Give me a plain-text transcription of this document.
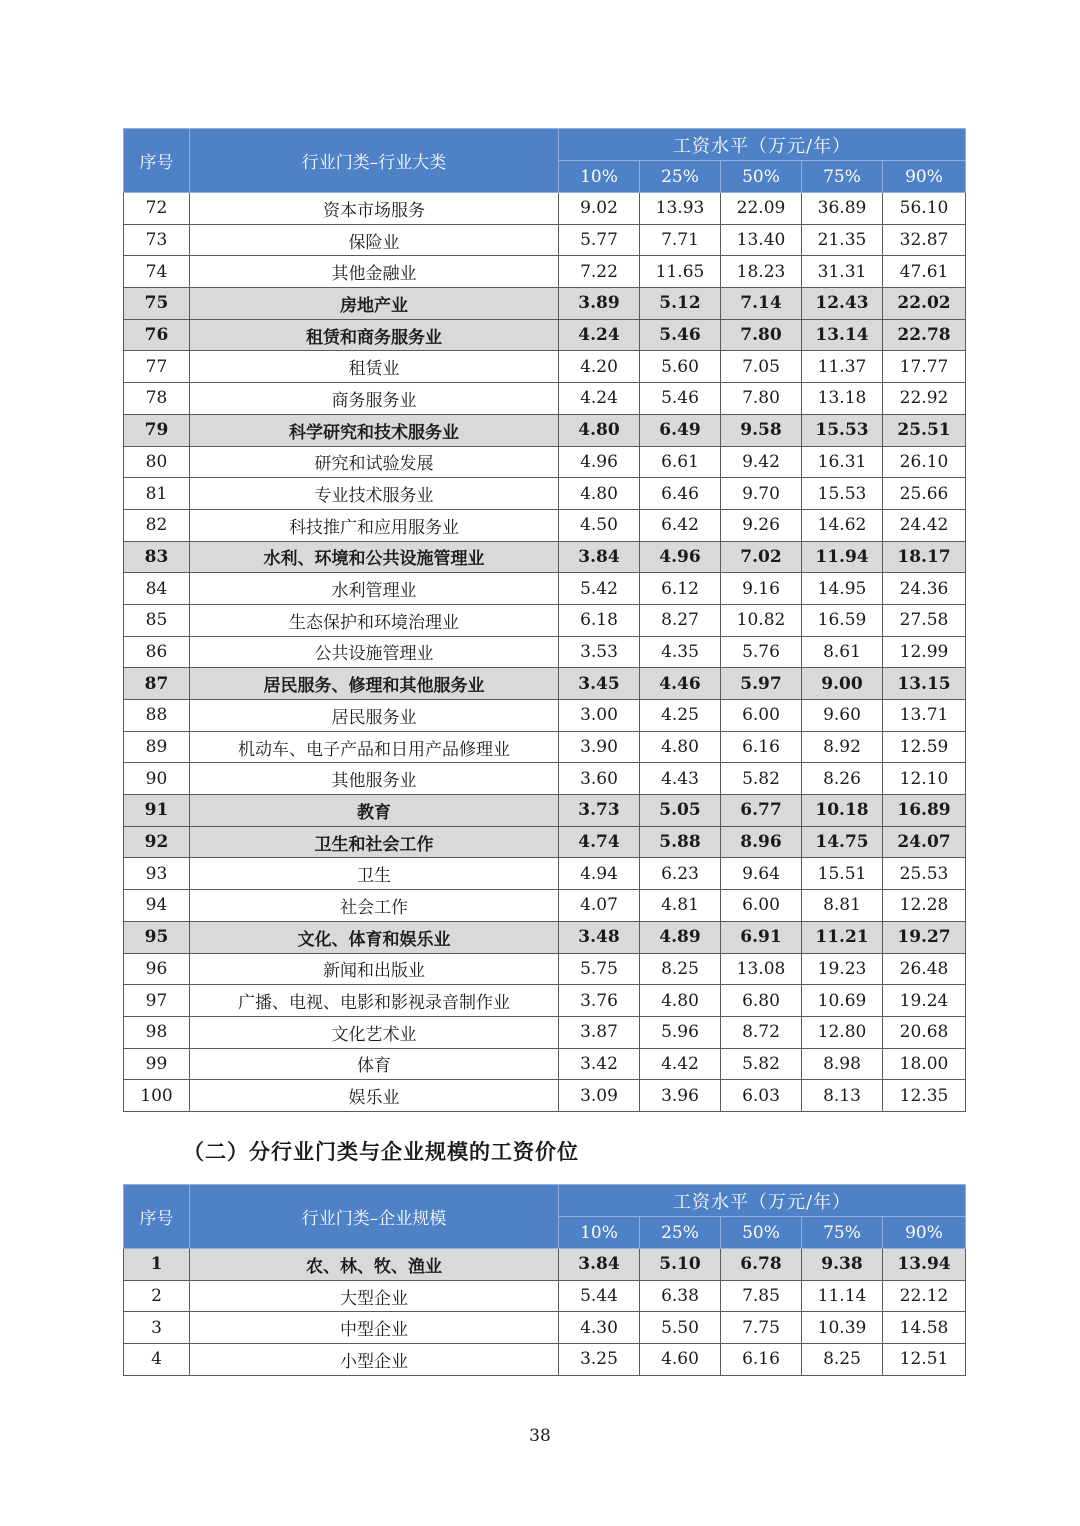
序号	行业门类–行业大类	工资水平（万元/年）				
		10%	25%	50%	75%	90%
72	资本市场服务	9.02	13.93	22.09	36.89	56.10
73	保险业	5.77	7.71	13.40	21.35	32.87
74	其他金融业	7.22	11.65	18.23	31.31	47.61
75	房地产业	3.89	5.12	7.14	12.43	22.02
76	租赁和商务服务业	4.24	5.46	7.80	13.14	22.78
77	租赁业	4.20	5.60	7.05	11.37	17.77
78	商务服务业	4.24	5.46	7.80	13.18	22.92
79	科学研究和技术服务业	4.80	6.49	9.58	15.53	25.51
80	研究和试验发展	4.96	6.61	9.42	16.31	26.10
81	专业技术服务业	4.80	6.46	9.70	15.53	25.66
82	科技推广和应用服务业	4.50	6.42	9.26	14.62	24.42
83	水利、环境和公共设施管理业	3.84	4.96	7.02	11.94	18.17
84	水利管理业	5.42	6.12	9.16	14.95	24.36
85	生态保护和环境治理业	6.18	8.27	10.82	16.59	27.58
86	公共设施管理业	3.53	4.35	5.76	8.61	12.99
87	居民服务、修理和其他服务业	3.45	4.46	5.97	9.00	13.15
88	居民服务业	3.00	4.25	6.00	9.60	13.71
89	机动车、电子产品和日用产品修理业	3.90	4.80	6.16	8.92	12.59
90	其他服务业	3.60	4.43	5.82	8.26	12.10
91	教育	3.73	5.05	6.77	10.18	16.89
92	卫生和社会工作	4.74	5.88	8.96	14.75	24.07
93	卫生	4.94	6.23	9.64	15.51	25.53
94	社会工作	4.07	4.81	6.00	8.81	12.28
95	文化、体育和娱乐业	3.48	4.89	6.91	11.21	19.27
96	新闻和出版业	5.75	8.25	13.08	19.23	26.48
97	广播、电视、电影和影视录音制作业	3.76	4.80	6.80	10.69	19.24
98	文化艺术业	3.87	5.96	8.72	12.80	20.68
99	体育	3.42	4.42	5.82	8.98	18.00
100	娱乐业	3.09	3.96	6.03	8.13	12.35
（二）分行业门类与企业规模的工资价位
序号	行业门类–企业规模	工资水平（万元/年）				
		10%	25%	50%	75%	90%
1	农、林、牧、渔业	3.84	5.10	6.78	9.38	13.94
2	大型企业	5.44	6.38	7.85	11.14	22.12
3	中型企业	4.30	5.50	7.75	10.39	14.58
4	小型企业	3.25	4.60	6.16	8.25	12.51
38
